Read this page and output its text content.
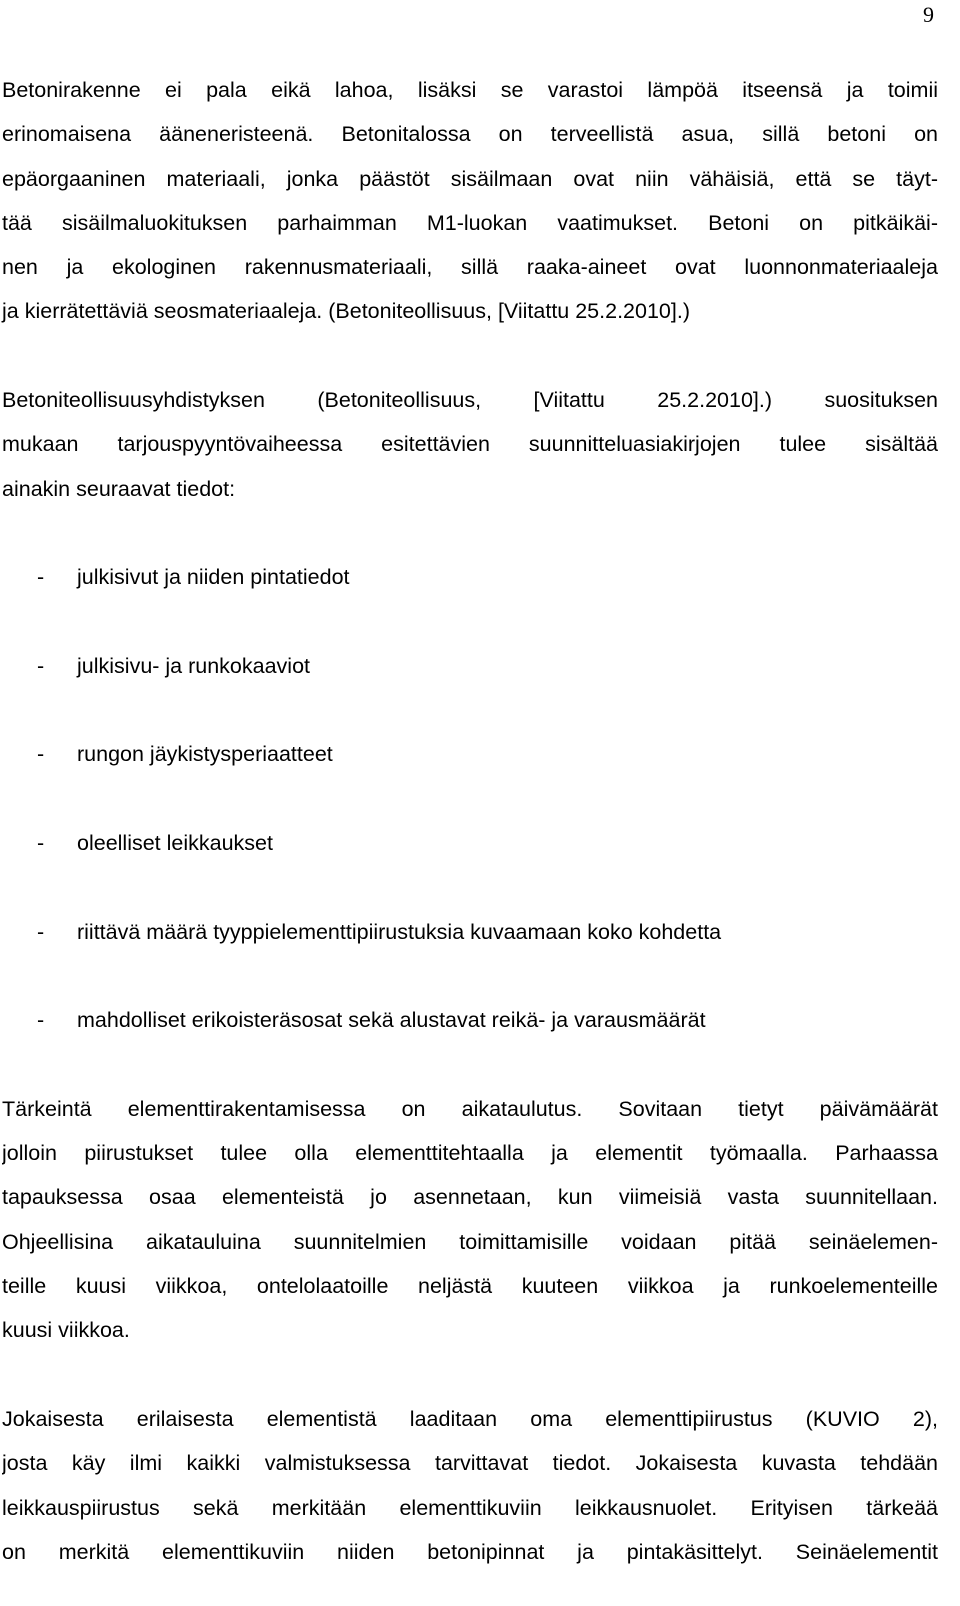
9
Betonirakenne ei pala eikä lahoa, lisäksi se varastoi lämpöä itseensä ja toimii
erinomaisena ääneneristeenä. Betonitalossa on terveellistä asua, sillä betoni on
epäorgaaninen materiaali, jonka päästöt sisäilmaan ovat niin vähäisiä, että se täyt-
tää sisäilmaluokituksen parhaimman M1-luokan vaatimukset. Betoni on pitkäikäi-
nen ja ekologinen rakennusmateriaali, sillä raaka-aineet ovat luonnonmateriaaleja
ja kierrätettäviä seosmateriaaleja. (Betoniteollisuus, [Viitattu 25.2.2010].)
Betoniteollisuusyhdistyksen (Betoniteollisuus, [Viitattu 25.2.2010].) suosituksen
mukaan tarjouspyyntövaiheessa esitettävien suunnitteluasiakirjojen tulee sisältää
ainakin seuraavat tiedot:
- julkisivut ja niiden pintatiedot
- julkisivu- ja runkokaaviot
- rungon jäykistysperiaatteet
- oleelliset leikkaukset
- riittävä määrä tyyppielementtipiirustuksia kuvaamaan koko kohdetta
- mahdolliset erikoisteräsosat sekä alustavat reikä- ja varausmäärät
Tärkeintä elementtirakentamisessa on aikataulutus. Sovitaan tietyt päivämäärät
jolloin piirustukset tulee olla elementtitehtaalla ja elementit työmaalla. Parhaassa
tapauksessa osaa elementeistä jo asennetaan, kun viimeisiä vasta suunnitellaan.
Ohjeellisina aikatauluina suunnitelmien toimittamisille voidaan pitää seinäelemen-
teille kuusi viikkoa, ontelolaatoille neljästä kuuteen viikkoa ja runkoelementeille
kuusi viikkoa.
Jokaisesta erilaisesta elementistä laaditaan oma elementtipiirustus (KUVIO 2),
josta käy ilmi kaikki valmistuksessa tarvittavat tiedot. Jokaisesta kuvasta tehdään
leikkauspiirustus sekä merkitään elementtikuviin leikkausnuolet. Erityisen tärkeää
on merkitä elementtikuviin niiden betonipinnat ja pintakäsittelyt. Seinäelementit
